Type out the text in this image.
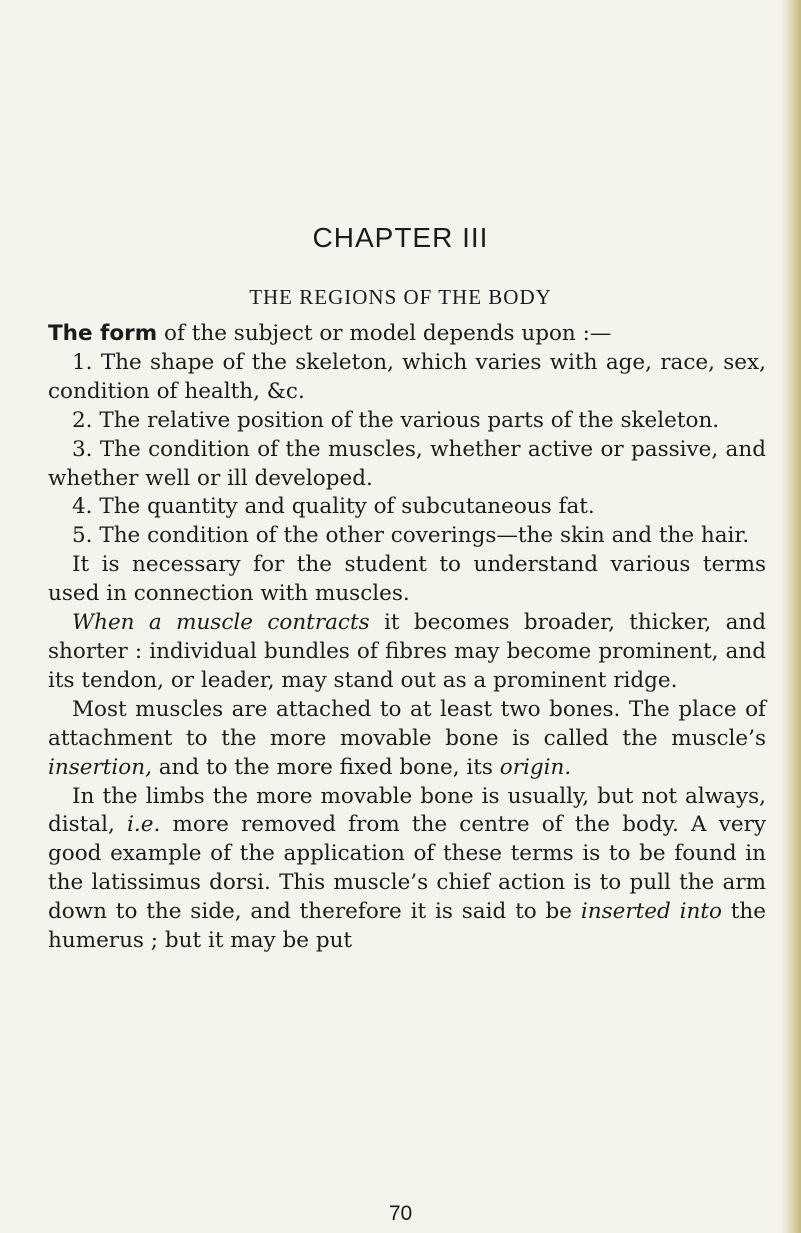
CHAPTER III
THE REGIONS OF THE BODY

The form of the subject or model depends upon :—

1. The shape of the skeleton, which varies with age, race, sex, condition of health, &c.

2. The relative position of the various parts of the skeleton.

3. The condition of the muscles, whether active or passive, and whether well or ill developed.

4. The quantity and quality of subcutaneous fat.

5. The condition of the other coverings—the skin and the hair.

It is necessary for the student to understand various terms used in connection with muscles.

When a muscle contracts it becomes broader, thicker, and shorter : individual bundles of fibres may become prominent, and its tendon, or leader, may stand out as a prominent ridge.

Most muscles are attached to at least two bones. The place of attachment to the more movable bone is called the muscle’s insertion, and to the more fixed bone, its origin.

In the limbs the more movable bone is usually, but not always, distal, i.e. more removed from the centre of the body. A very good example of the application of these terms is to be found in the latissimus dorsi. This muscle’s chief action is to pull the arm down to the side, and therefore it is said to be inserted into the humerus ; but it may be put

70
